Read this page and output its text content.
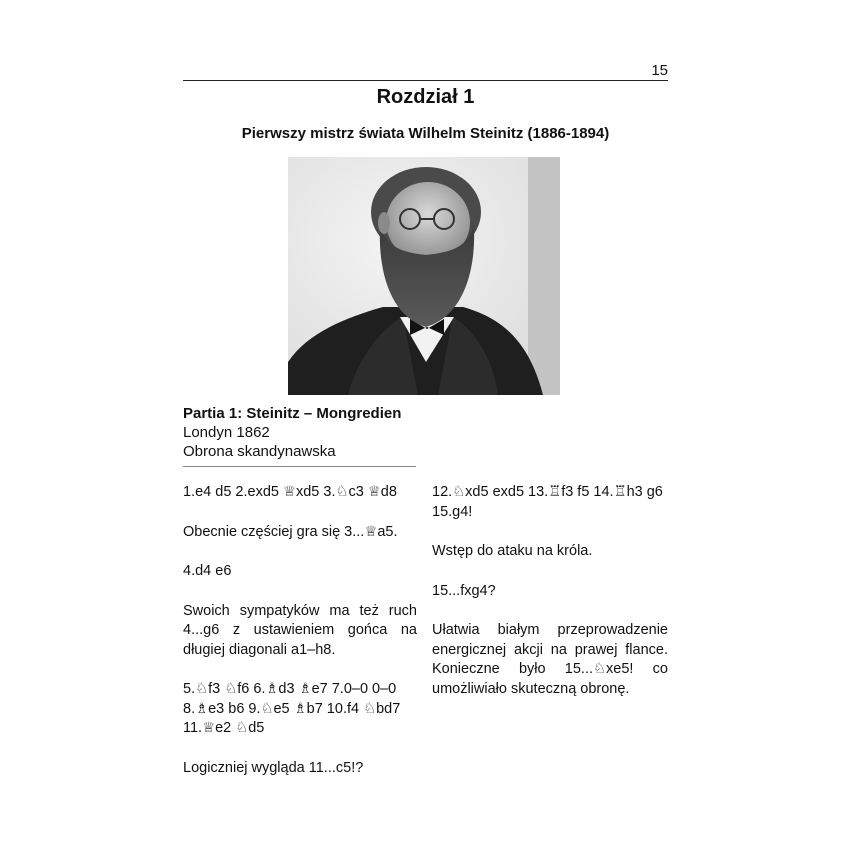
15
Rozdział 1
Pierwszy mistrz świata Wilhelm Steinitz (1886-1894)
Partia 1: Steinitz – Mongredien
Londyn 1862
Obrona skandynawska

1.e4 d5 2.exd5 ♕xd5 3.♘c3 ♕d8

Obecnie częściej gra się 3...♕a5.

4.d4 e6

Swoich sympatyków ma też ruch 4...g6 z ustawieniem gońca na długiej diagonali a1–h8.

5.♘f3 ♘f6 6.♗d3 ♗e7 7.0–0 0–0
8.♗e3 b6 9.♘e5 ♗b7 10.f4 ♘bd7
11.♕e2 ♘d5

Logiczniej wygląda 11...c5!?

12.♘xd5 exd5 13.♖f3 f5 14.♖h3 g6
15.g4!

Wstęp do ataku na króla.

15...fxg4?

Ułatwia białym przeprowadzenie energicznej akcji na prawej flance. Konieczne było 15...♘xe5! co umożliwiało skuteczną obronę.
